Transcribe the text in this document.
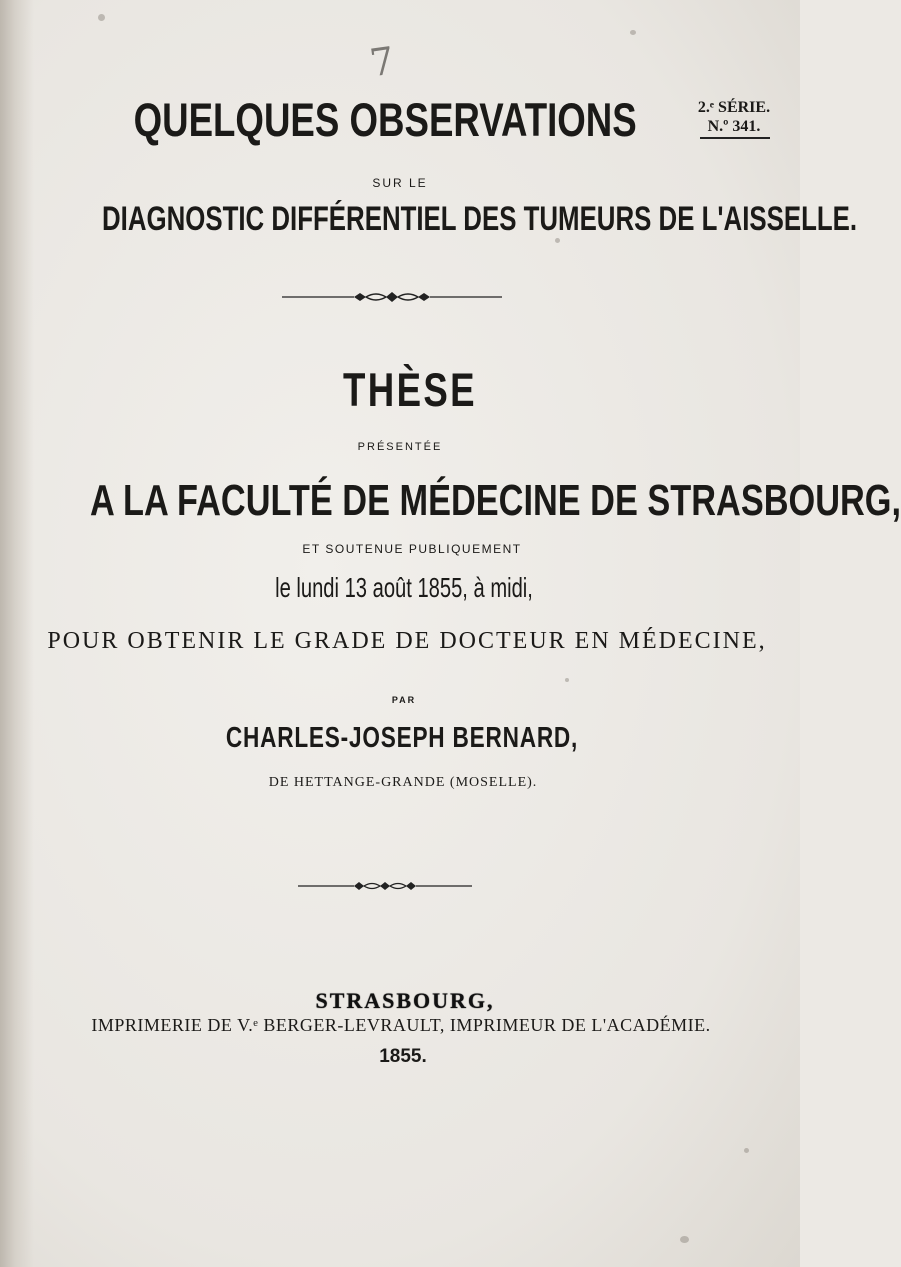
7
QUELQUES OBSERVATIONS	2.ᵉ SÉRIE.
N.º 341.
SUR LE
DIAGNOSTIC DIFFÉRENTIEL DES TUMEURS DE L'AISSELLE.
THÈSE
PRÉSENTÉE
A LA FACULTÉ DE MÉDECINE DE STRASBOURG,
ET SOUTENUE PUBLIQUEMENT
le lundi 13 août 1855, à midi,
POUR OBTENIR LE GRADE DE DOCTEUR EN MÉDECINE,
PAR
CHARLES-JOSEPH BERNARD,
DE HETTANGE-GRANDE (MOSELLE).
STRASBOURG,
IMPRIMERIE DE V.ᵉ BERGER-LEVRAULT, IMPRIMEUR DE L'ACADÉMIE.
1855.
